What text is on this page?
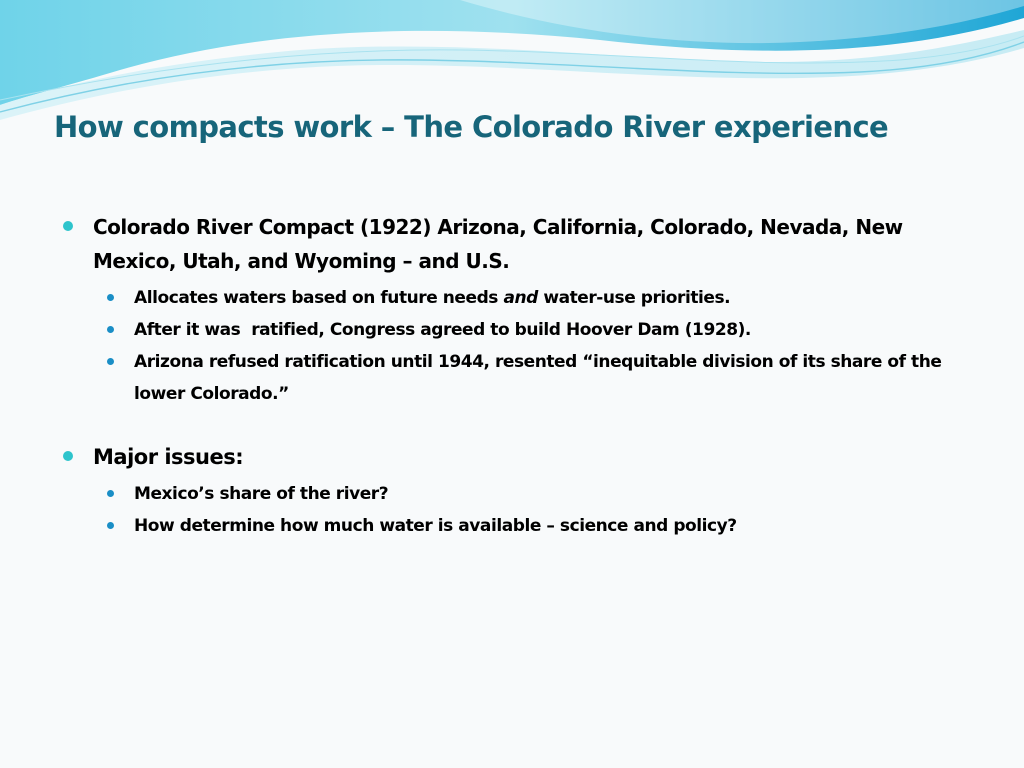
How compacts work – The Colorado River experience
Colorado River Compact (1922) Arizona, California, Colorado, Nevada, New Mexico, Utah, and Wyoming – and U.S.
Allocates waters based on future needs and water-use priorities.
After it was  ratified, Congress agreed to build Hoover Dam (1928).
Arizona refused ratification until 1944, resented “inequitable division of its share of the lower Colorado.”
Major issues:
Mexico’s share of the river?
How determine how much water is available – science and policy?
